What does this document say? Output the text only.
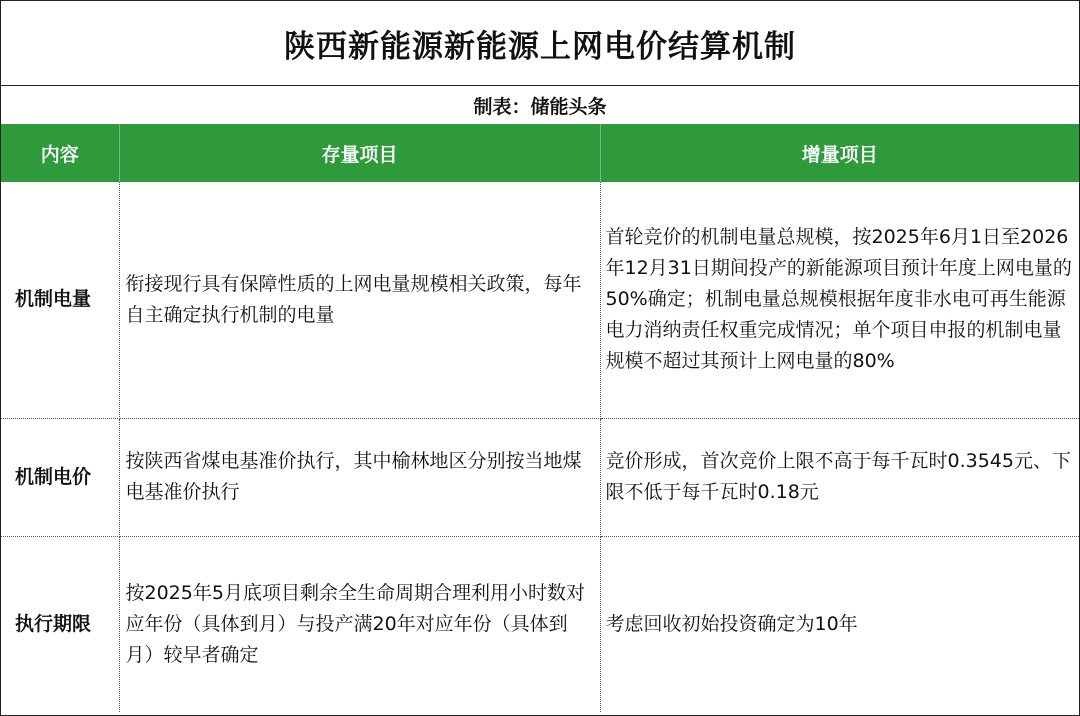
陕西新能源新能源上网电价结算机制
制表：储能头条
内容	存量项目	增量项目
机制电量	衔接现行具有保障性质的上网电量规模相关政策，每年自主确定执行机制的电量	首轮竞价的机制电量总规模，按2025年6月1日至2026年12月31日期间投产的新能源项目预计年度上网电量的50%确定；机制电量总规模根据年度非水电可再生能源电力消纳责任权重完成情况；单个项目申报的机制电量规模不超过其预计上网电量的80%
机制电价	按陕西省煤电基准价执行，其中榆林地区分别按当地煤电基准价执行	竞价形成，首次竞价上限不高于每千瓦时0.3545元、下限不低于每千瓦时0.18元
执行期限	按2025年5月底项目剩余全生命周期合理利用小时数对应年份（具体到月）与投产满20年对应年份（具体到月）较早者确定	考虑回收初始投资确定为10年
